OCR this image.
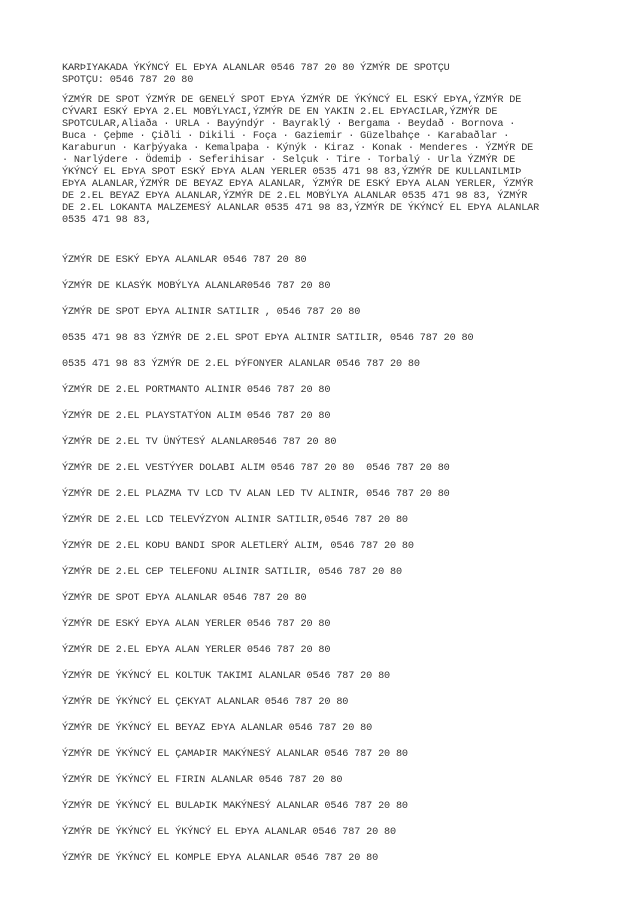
KARÞIYAKADA ÝKÝNCÝ EL EÞYA ALANLAR 0546 787 20 80 ÝZMÝR DE SPOTÇU
SPOTÇU: 0546 787 20 80
ÝZMÝR DE SPOT ÝZMÝR DE GENELÝ SPOT EÞYA ÝZMÝR DE ÝKÝNCÝ EL ESKÝ EÞYA,ÝZMÝR DE
CÝVARI ESKÝ EÞYA 2.EL MOBÝLYACI,ÝZMÝR DE EN YAKIN 2.EL EÞYACILAR,ÝZMÝR DE
SPOTCULAR,Aliaða · URLA · Bayýndýr · Bayraklý · Bergama · Beydað · Bornova ·
Buca · Çeþme · Çiðli · Dikili · Foça · Gaziemir · Güzelbahçe · Karabaðlar ·
Karaburun · Karþýyaka · Kemalpaþa · Kýnýk · Kiraz · Konak · Menderes · ÝZMÝR DE
· Narlýdere · Ödemiþ · Seferihisar · Selçuk · Tire · Torbalý · Urla ÝZMÝR DE
ÝKÝNCÝ EL EÞYA SPOT ESKÝ EÞYA ALAN YERLER 0535 471 98 83,ÝZMÝR DE KULLANILMIÞ
EÞYA ALANLAR,ÝZMÝR DE BEYAZ EÞYA ALANLAR, ÝZMÝR DE ESKÝ EÞYA ALAN YERLER, ÝZMÝR
DE 2.EL BEYAZ EÞYA ALANLAR,ÝZMÝR DE 2.EL MOBÝLYA ALANLAR 0535 471 98 83, ÝZMÝR
DE 2.EL LOKANTA MALZEMESÝ ALANLAR 0535 471 98 83,ÝZMÝR DE ÝKÝNCÝ EL EÞYA ALANLAR
0535 471 98 83,
ÝZMÝR DE ESKÝ EÞYA ALANLAR 0546 787 20 80
ÝZMÝR DE KLASÝK MOBÝLYA ALANLAR0546 787 20 80
ÝZMÝR DE SPOT EÞYA ALINIR SATILIR , 0546 787 20 80
0535 471 98 83 ÝZMÝR DE 2.EL SPOT EÞYA ALINIR SATILIR, 0546 787 20 80
0535 471 98 83 ÝZMÝR DE 2.EL ÞÝFONYER ALANLAR 0546 787 20 80
ÝZMÝR DE 2.EL PORTMANTO ALINIR 0546 787 20 80
ÝZMÝR DE 2.EL PLAYSTATÝON ALIM 0546 787 20 80
ÝZMÝR DE 2.EL TV ÜNÝTESÝ ALANLAR0546 787 20 80
ÝZMÝR DE 2.EL VESTÝYER DOLABI ALIM 0546 787 20 80  0546 787 20 80
ÝZMÝR DE 2.EL PLAZMA TV LCD TV ALAN LED TV ALINIR, 0546 787 20 80
ÝZMÝR DE 2.EL LCD TELEVÝZYON ALINIR SATILIR,0546 787 20 80
ÝZMÝR DE 2.EL KOÞU BANDI SPOR ALETLERÝ ALIM, 0546 787 20 80
ÝZMÝR DE 2.EL CEP TELEFONU ALINIR SATILIR, 0546 787 20 80
ÝZMÝR DE SPOT EÞYA ALANLAR 0546 787 20 80
ÝZMÝR DE ESKÝ EÞYA ALAN YERLER 0546 787 20 80
ÝZMÝR DE 2.EL EÞYA ALAN YERLER 0546 787 20 80
ÝZMÝR DE ÝKÝNCÝ EL KOLTUK TAKIMI ALANLAR 0546 787 20 80
ÝZMÝR DE ÝKÝNCÝ EL ÇEKYAT ALANLAR 0546 787 20 80
ÝZMÝR DE ÝKÝNCÝ EL BEYAZ EÞYA ALANLAR 0546 787 20 80
ÝZMÝR DE ÝKÝNCÝ EL ÇAMAÞIR MAKÝNESÝ ALANLAR 0546 787 20 80
ÝZMÝR DE ÝKÝNCÝ EL FIRIN ALANLAR 0546 787 20 80
ÝZMÝR DE ÝKÝNCÝ EL BULAÞIK MAKÝNESÝ ALANLAR 0546 787 20 80
ÝZMÝR DE ÝKÝNCÝ EL ÝKÝNCÝ EL EÞYA ALANLAR 0546 787 20 80
ÝZMÝR DE ÝKÝNCÝ EL KOMPLE EÞYA ALANLAR 0546 787 20 80
